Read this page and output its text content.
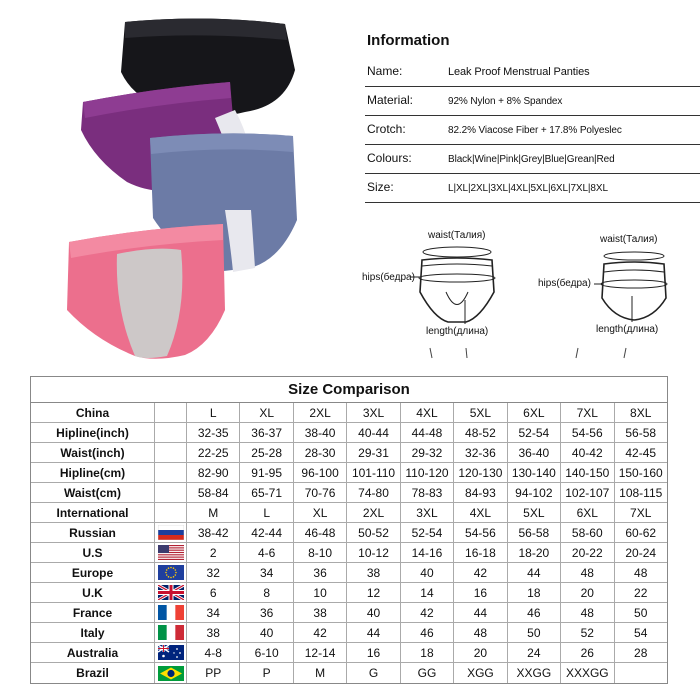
Information
Name:	Leak Proof Menstrual Panties
Material:	92% Nylon + 8% Spandex
Crotch:	82.2% Viacose Fiber + 17.8% Polyeslec
Colours:	Black|Wine|Pink|Grey|Blue|Grean|Red
Size:	L|XL|2XL|3XL|4XL|5XL|6XL|7XL|8XL
waist(Талия)
hips(бедра)
length(длина)
waist(Талия)
hips(бедра)
length(длина)
Size Comparison
China	L	XL	2XL	3XL	4XL	5XL	6XL	7XL	8XL
Hipline(inch)	32-35	36-37	38-40	40-44	44-48	48-52	52-54	54-56	56-58
Waist(inch)	22-25	25-28	28-30	29-31	29-32	32-36	36-40	40-42	42-45
Hipline(cm)	82-90	91-95	96-100	101-110 110-120 120-130 130-140 140-150 150-160
Waist(cm)	58-84	65-71	70-76	74-80	78-83	84-93	94-102	102-107 108-115
International	M	L	XL	2XL	3XL	4XL	5XL	6XL	7XL
Russian	38-42	42-44	46-48	50-52	52-54	54-56	56-58	58-60	60-62
U.S	2	4-6	8-10	10-12	14-16	16-18	18-20	20-22	20-24
Europe	32	34	36	38	40	42	44	48	48
U.K	6	8	10	12	14	16	18	20	22
France	34	36	38	40	42	44	46	48	50
Italy	38	40	42	44	46	48	50	52	54
Australia	4-8	6-10	12-14	16	18	20	24	26	28
Brazil	PP	P	M	G	GG	XGG	XXGG	XXXGG
